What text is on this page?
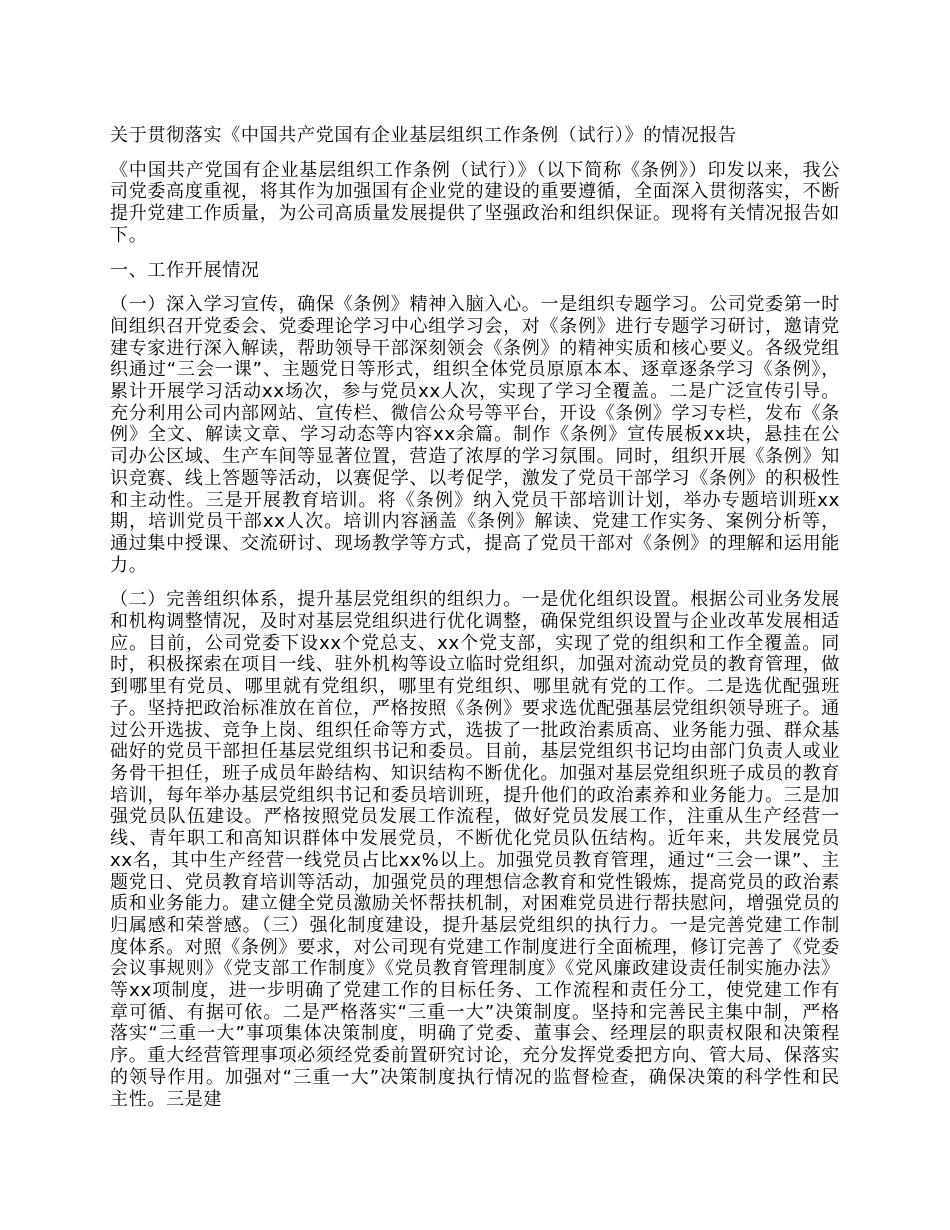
关于贯彻落实《中国共产党国有企业基层组织工作条例（试行）》的情况报告

《中国共产党国有企业基层组织工作条例（试行）》（以下简称《条例》）印发以来，我公司党委高度重视，将其作为加强国有企业党的建设的重要遵循，全面深入贯彻落实，不断提升党建工作质量，为公司高质量发展提供了坚强政治和组织保证。现将有关情况报告如下。

一、工作开展情况

（一）深入学习宣传，确保《条例》精神入脑入心。一是组织专题学习。公司党委第一时间组织召开党委会、党委理论学习中心组学习会，对《条例》进行专题学习研讨，邀请党建专家进行深入解读，帮助领导干部深刻领会《条例》的精神实质和核心要义。各级党组织通过“三会一课”、主题党日等形式，组织全体党员原原本本、逐章逐条学习《条例》，累计开展学习活动xx场次，参与党员xx人次，实现了学习全覆盖。二是广泛宣传引导。充分利用公司内部网站、宣传栏、微信公众号等平台，开设《条例》学习专栏，发布《条例》全文、解读文章、学习动态等内容xx余篇。制作《条例》宣传展板xx块，悬挂在公司办公区域、生产车间等显著位置，营造了浓厚的学习氛围。同时，组织开展《条例》知识竞赛、线上答题等活动，以赛促学、以考促学，激发了党员干部学习《条例》的积极性和主动性。三是开展教育培训。将《条例》纳入党员干部培训计划，举办专题培训班xx期，培训党员干部xx人次。培训内容涵盖《条例》解读、党建工作实务、案例分析等，通过集中授课、交流研讨、现场教学等方式，提高了党员干部对《条例》的理解和运用能力。

（二）完善组织体系，提升基层党组织的组织力。一是优化组织设置。根据公司业务发展和机构调整情况，及时对基层党组织进行优化调整，确保党组织设置与企业改革发展相适应。目前，公司党委下设xx个党总支、xx个党支部，实现了党的组织和工作全覆盖。同时，积极探索在项目一线、驻外机构等设立临时党组织，加强对流动党员的教育管理，做到哪里有党员、哪里就有党组织，哪里有党组织、哪里就有党的工作。二是选优配强班子。坚持把政治标准放在首位，严格按照《条例》要求选优配强基层党组织领导班子。通过公开选拔、竞争上岗、组织任命等方式，选拔了一批政治素质高、业务能力强、群众基础好的党员干部担任基层党组织书记和委员。目前，基层党组织书记均由部门负责人或业务骨干担任，班子成员年龄结构、知识结构不断优化。加强对基层党组织班子成员的教育培训，每年举办基层党组织书记和委员培训班，提升他们的政治素养和业务能力。三是加强党员队伍建设。严格按照党员发展工作流程，做好党员发展工作，注重从生产经营一线、青年职工和高知识群体中发展党员，不断优化党员队伍结构。近年来，共发展党员xx名，其中生产经营一线党员占比xx%以上。加强党员教育管理，通过“三会一课”、主题党日、党员教育培训等活动，加强党员的理想信念教育和党性锻炼，提高党员的政治素质和业务能力。建立健全党员激励关怀帮扶机制，对困难党员进行帮扶慰问，增强党员的归属感和荣誉感。（三）强化制度建设，提升基层党组织的执行力。一是完善党建工作制度体系。对照《条例》要求，对公司现有党建工作制度进行全面梳理，修订完善了《党委会议事规则》《党支部工作制度》《党员教育管理制度》《党风廉政建设责任制实施办法》等xx项制度，进一步明确了党建工作的目标任务、工作流程和责任分工，使党建工作有章可循、有据可依。二是严格落实“三重一大”决策制度。坚持和完善民主集中制，严格落实“三重一大”事项集体决策制度，明确了党委、董事会、经理层的职责权限和决策程序。重大经营管理事项必须经党委前置研究讨论，充分发挥党委把方向、管大局、保落实的领导作用。加强对“三重一大”决策制度执行情况的监督检查，确保决策的科学性和民主性。三是建
